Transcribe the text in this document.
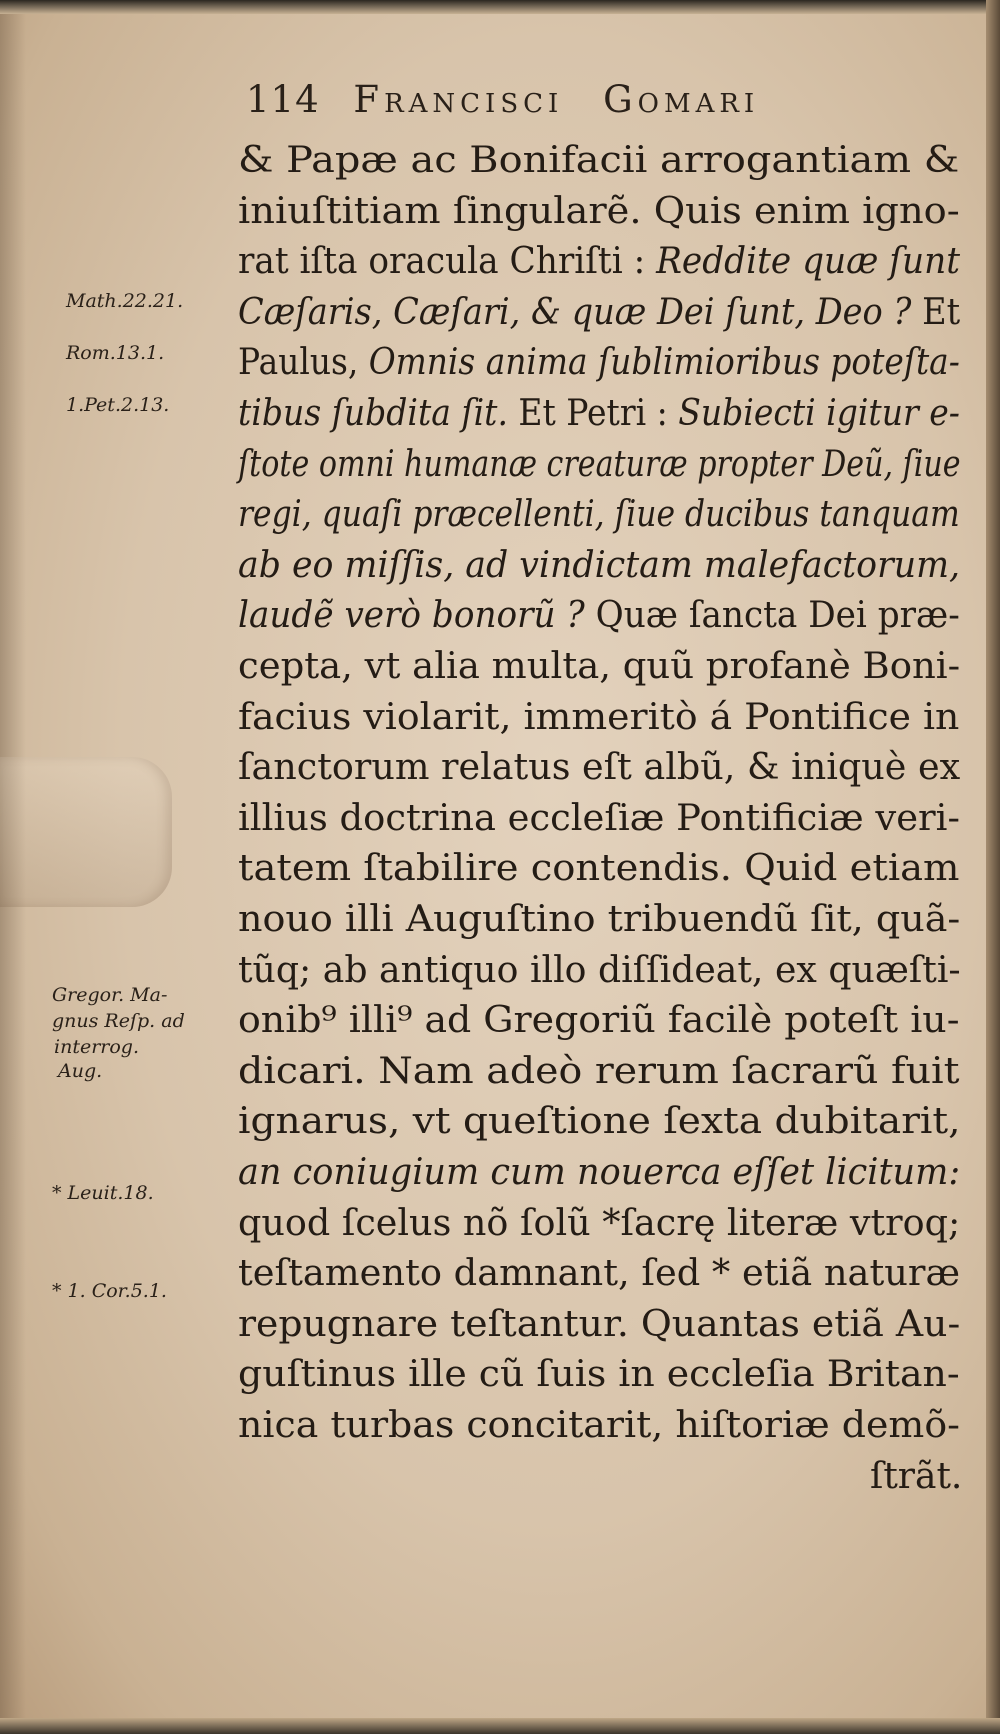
114 Francisci Gomari
& Papæ ac Bonifacii arrogantiam &
iniuſtitiam ſingularẽ. Quis enim igno-
rat iſta oracula Chriſti : Reddite quæ ſunt
Cæſaris, Cæſari, & quæ Dei ſunt, Deo ? Et
Paulus, Omnis anima ſublimioribus poteſta-
tibus ſubdita ſit. Et Petri : Subiecti igitur e-
ſtote omni humanæ creaturæ propter Deũ, ſiue
regi, quaſi præcellenti, ſiue ducibus tanquam
ab eo miſſis, ad vindictam malefactorum,
laudẽ verò bonorũ ? Quæ ſancta Dei præ-
cepta, vt alia multa, quũ profanè Boni-
facius violarit, immeritò á Pontifice in
ſanctorum relatus eſt albũ, & iniquè ex
illius doctrina eccleſiæ Pontificiæ veri-
tatem ſtabilire contendis. Quid etiam
nouo illi Auguſtino tribuendũ ſit, quã-
tũq; ab antiquo illo diſſideat, ex quæſti-
onib⁹ illi⁹ ad Gregoriũ facilè poteſt iu-
dicari. Nam adeò rerum ſacrarũ fuit
ignarus, vt queſtione ſexta dubitarit,
an coniugium cum nouerca eſſet licitum:
quod ſcelus nõ ſolũ *ſacrę literæ vtroq;
teſtamento damnant, ſed * etiã naturæ
repugnare teſtantur. Quantas etiã Au-
guſtinus ille cũ ſuis in eccleſia Britan-
nica turbas concitarit, hiſtoriæ demõ-
ſtrãt.
Math.22.21.
Rom.13.1.
1.Pet.2.13.
Gregor. Ma-
gnus Reſp. ad
interrog.
Aug.
* Leuit.18.
* 1. Cor.5.1.
